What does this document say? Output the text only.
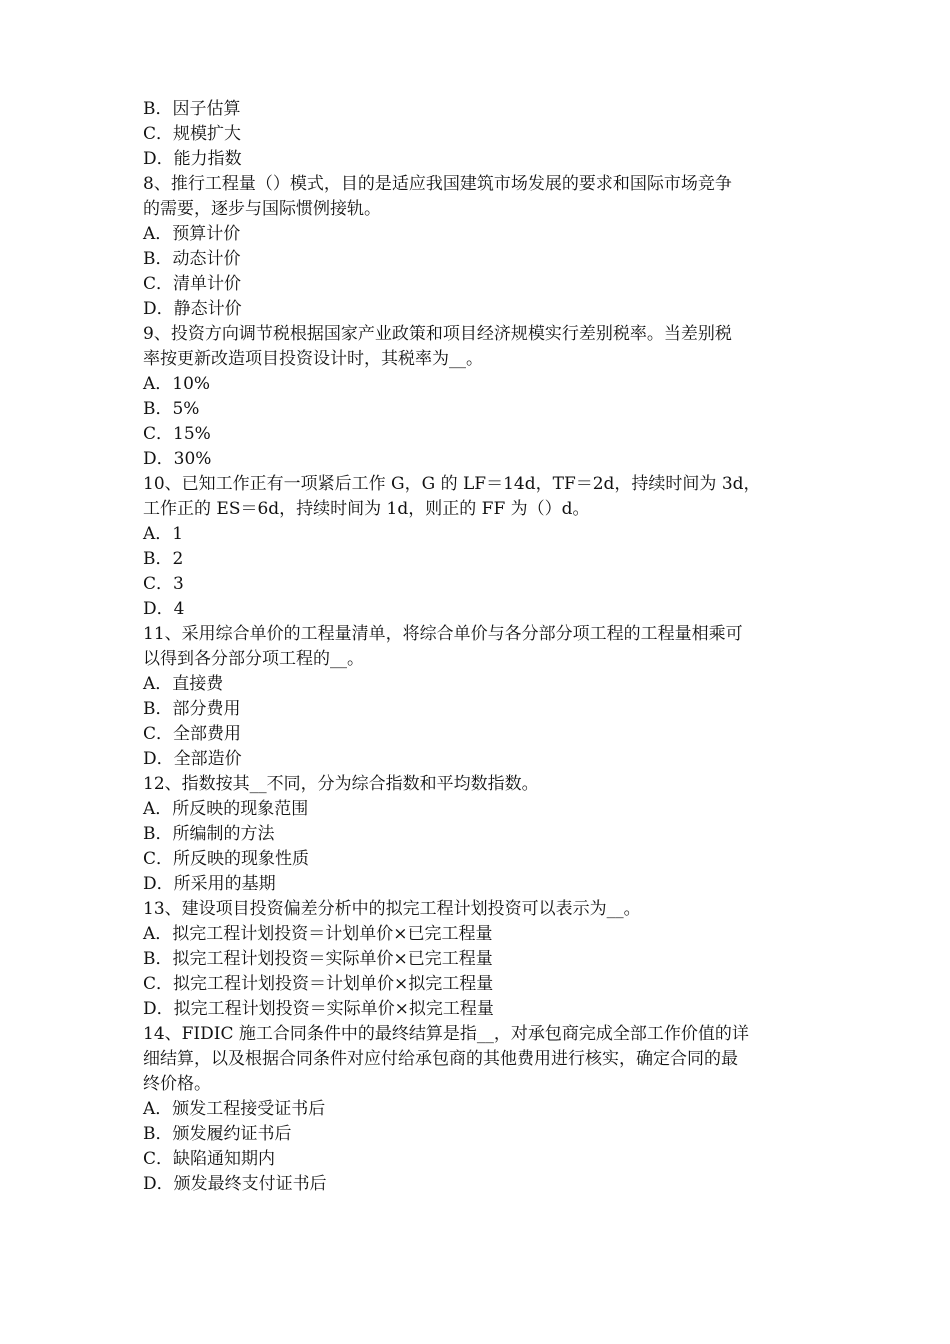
B．因子估算
C．规模扩大
D．能力指数
8、推行工程量（）模式，目的是适应我国建筑市场发展的要求和国际市场竞争
的需要，逐步与国际惯例接轨。
A．预算计价
B．动态计价
C．清单计价
D．静态计价
9、投资方向调节税根据国家产业政策和项目经济规模实行差别税率。当差别税
率按更新改造项目投资设计时，其税率为__。
A．10%
B．5%
C．15%
D．30%
10、已知工作正有一项紧后工作 G，G 的 LF＝14d，TF＝2d，持续时间为 3d，
工作正的 ES＝6d，持续时间为 1d，则正的 FF 为（）d。
A．1
B．2
C．3
D．4
11、采用综合单价的工程量清单，将综合单价与各分部分项工程的工程量相乘可
以得到各分部分项工程的__。
A．直接费
B．部分费用
C．全部费用
D．全部造价
12、指数按其__不同，分为综合指数和平均数指数。
A．所反映的现象范围
B．所编制的方法
C．所反映的现象性质
D．所采用的基期
13、建设项目投资偏差分析中的拟完工程计划投资可以表示为__。
A．拟完工程计划投资＝计划单价×已完工程量
B．拟完工程计划投资＝实际单价×已完工程量
C．拟完工程计划投资＝计划单价×拟完工程量
D．拟完工程计划投资＝实际单价×拟完工程量
14、FIDIC 施工合同条件中的最终结算是指__，对承包商完成全部工作价值的详
细结算，以及根据合同条件对应付给承包商的其他费用进行核实，确定合同的最
终价格。
A．颁发工程接受证书后
B．颁发履约证书后
C．缺陷通知期内
D．颁发最终支付证书后
